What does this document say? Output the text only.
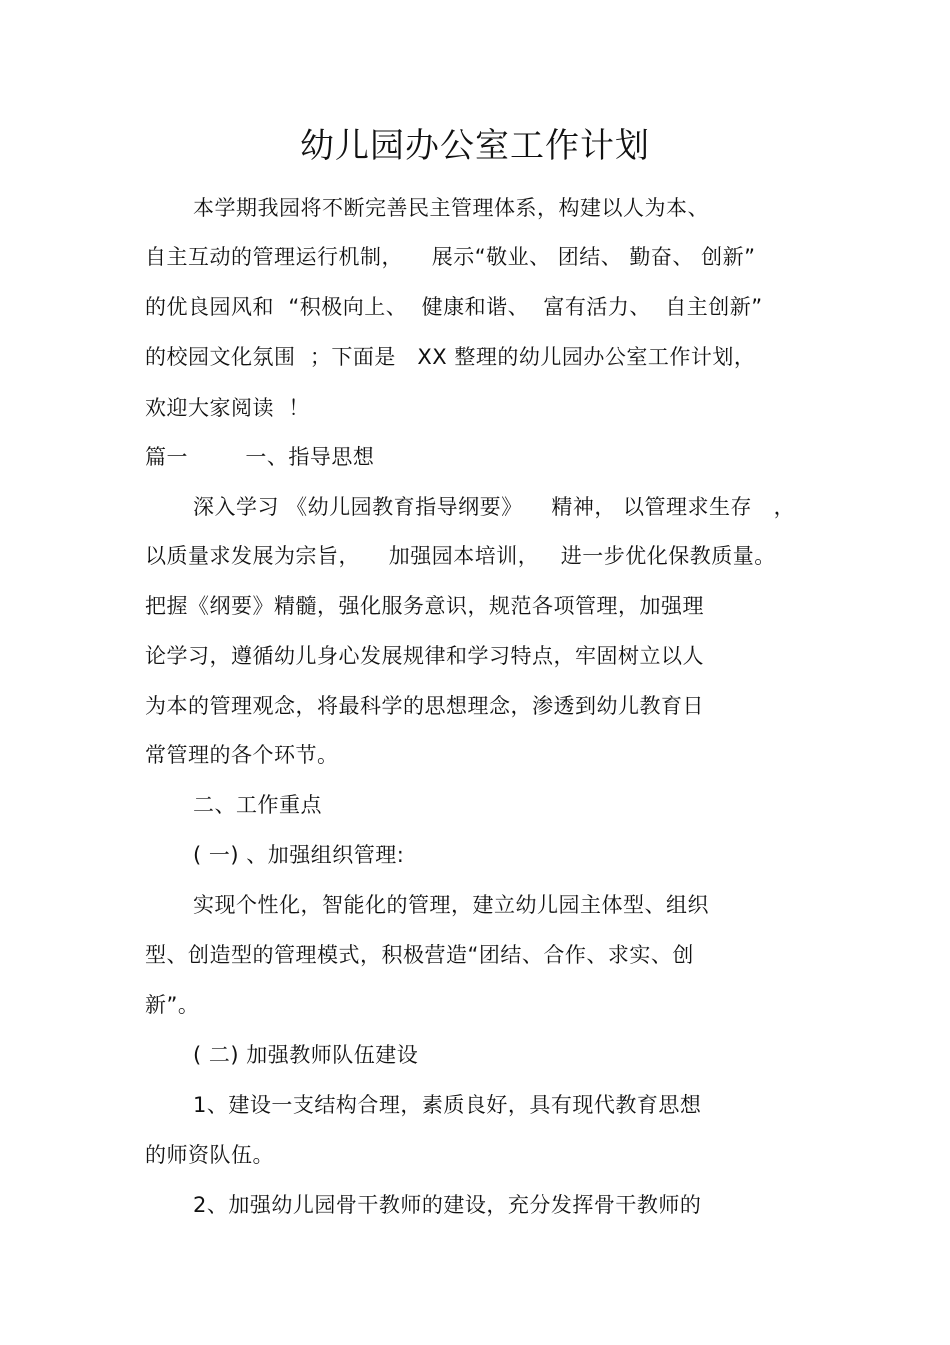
幼儿园办公室工作计划
本学期我园将不断完善民主管理体系，构建以人为本、
自主互动的管理运行机制，    展示“敬业、 团结、 勤奋、 创新”
的优良园风和  “积极向上、  健康和谐、  富有活力、  自主创新”
的校园文化氛围  ；下面是   XX 整理的幼儿园办公室工作计划，
欢迎大家阅读  ！
篇一        一、指导思想
深入学习 《幼儿园教育指导纲要》    精神， 以管理求生存   ，
以质量求发展为宗旨，    加强园本培训，   进一步优化保教质量。
把握《纲要》精髓，强化服务意识，规范各项管理，加强理
论学习，遵循幼儿身心发展规律和学习特点，牢固树立以人
为本的管理观念，将最科学的思想理念，渗透到幼儿教育日
常管理的各个环节。
二、工作重点
( 一) 、加强组织管理:
实现个性化，智能化的管理，建立幼儿园主体型、组织
型、创造型的管理模式，积极营造“团结、合作、求实、创
新”。
( 二) 加强教师队伍建设
1、建设一支结构合理，素质良好，具有现代教育思想
的师资队伍。
2、加强幼儿园骨干教师的建设，充分发挥骨干教师的
